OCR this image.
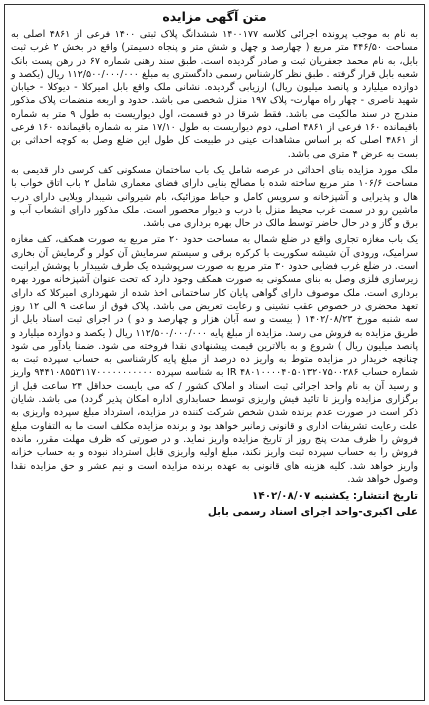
متن آگهی مزایده

به نام به موجب پرونده اجرائی کلاسه ۱۴۰۰۱۷۷ ششدانگ پلاک ثبتی ۱۴۰۰ فرعی از ۴۸۶۱ اصلی به مساحت ۴۴۶/۵۰ متر مربع ( چهارصد و چهل و شش متر و پنجاه دسیمتر) واقع در بخش ۲ غرب ثبت بابل، به نام محمد جعفریان ثبت و صادر گردیده است. طبق سند رهنی شماره ۶۷ در رهن پست بانک شعبه بابل قرار گرفته . طبق نظر کارشناس رسمی دادگستری به مبلغ ۱۱۲/۵۰۰/۰۰۰/۰۰۰ ریال (یکصد و دوازده میلیارد و پانصد میلیون ریال) ارزیابی گردیده. نشانی ملک واقع بابل امیرکلا - دیوکلا - خیابان شهید ناصری - چهار راه مهارت- پلاک ۱۹۷ منزل شخصی می باشد. حدود و اربعه منضمات پلاک مذکور مندرج در سند مالکیت می باشد. فقط شرقا در دو قسمت، اول دیواریست به طول ۹ متر به شماره باقیمانده ۱۶۰ فرعی از ۴۸۶۱ اصلی، دوم دیواریست به طول ۱۷/۱۰ متر به شماره باقیمانده ۱۶۰ فرعی از ۴۸۶۱ اصلی که بر اساس مشاهدات عینی در طبیعت کل طول این ضلع وصل به کوچه احداثی بن بست به عرض ۴ متری می باشد.

ملک مورد مزایده بنای احداثی در عرصه شامل یک باب ساختمان مسکونی کف کرسی دار قدیمی به مساحت ۱۰۶/۶ متر مربع ساخته شده با مصالح بنایی دارای فضای معماری شامل ۲ باب اتاق خواب با هال و پذیرایی و آشپزخانه و سرویس کامل و حیاط موزائیک، بام شیروانی شیبدار ویلایی دارای درب ماشین رو در سمت غرب محیط منزل با درب و دیوار محصور است. ملک مذکور دارای انشعاب آب و برق و گاز و در حال حاضر توسط مالک در حال بهره برداری می باشد.

یک باب مغازه تجاری واقع در ضلع شمال به مساحت حدود ۲۰ متر مربع به صورت همکف، کف مغازه سرامیک، ورودی آن شیشه سکوریت با کرکره برقی و سیستم سرمایش آن کولر و گرمایش آن بخاری است. در ضلع غرب فضایی حدود ۳۰ متر مربع به صورت سرپوشیده یک طرف شیبدار با پوشش ایرانیت زیرسازی فلزی وصل به بنای مسکونی به صورت همکف وجود دارد که تحت عنوان آشپزخانه مورد بهره برداری است. ملک موصوف دارای گواهی پایان کار ساختمانی اخذ شده از شهرداری امیرکلا که دارای تعهد محضری در خصوص عقب نشینی و رعایت تعریض می باشد. پلاک فوق از ساعت ۹ الی ۱۲ روز سه شنبه مورخ ۱۴۰۲/۰۸/۲۳ ( بیست و سه آبان هزار و چهارصد و دو ) در اجرای ثبت اسناد بابل از طریق مزایده به فروش می رسد. مزایده از مبلغ پایه ۱۱۲/۵۰۰/۰۰۰/۰۰۰ ریال ( یکصد و دوازده میلیارد و پانصد میلیون ریال ) شروع و به بالاترین قیمت پیشنهادی نقدا فروخته می شود. ضمنا یادآور می شود چنانچه خریدار در مزایده متوط به واریز ده درصد از مبلغ پایه کارشناسی به حساب سپرده ثبت به شماره حساب IR ۴۸۰۱۰۰۰۰۴۰۵۰۱۳۲۰۷۵۰۰۲۸۶ به شناسه سپرده ۹۴۴۱۰۸۵۵۳۱۱۷۰۰۰۰۰۰۰۰۰۰۰ واریز و رسید آن به نام واحد اجرائی ثبت اسناد و املاک کشور / که می بایست حداقل ۲۴ ساعت قبل از برگزاری مزایده واریز تا تائید فیش واریزی توسط حسابداری اداره امکان پذیر گردد) می باشد. شایان ذکر است در صورت عدم برنده شدن شخص شرکت کننده در مزایده، استرداد مبلغ سپرده واریزی به علت رعایت تشریفات اداری و قانونی زمانبر خواهد بود و برنده مزایده مکلف است ما به التفاوت مبلغ فروش را ظرف مدت پنج روز از تاریخ مزایده واریز نماید. و در صورتی که ظرف مهلت مقرر، مانده فروش را به حساب سپرده ثبت واریز نکند، مبلغ اولیه واریزی قابل استرداد نبوده و به حساب خزانه واریز خواهد شد. کلیه هزینه های قانونی به عهده برنده مزایده است و نیم عشر و حق مزایده نقدا وصول خواهد شد.

تاریخ انتشار: یکشنبه ۱۴۰۲/۰۸/۰۷

علی اکبری-واحد اجرای اسناد رسمی بابل
